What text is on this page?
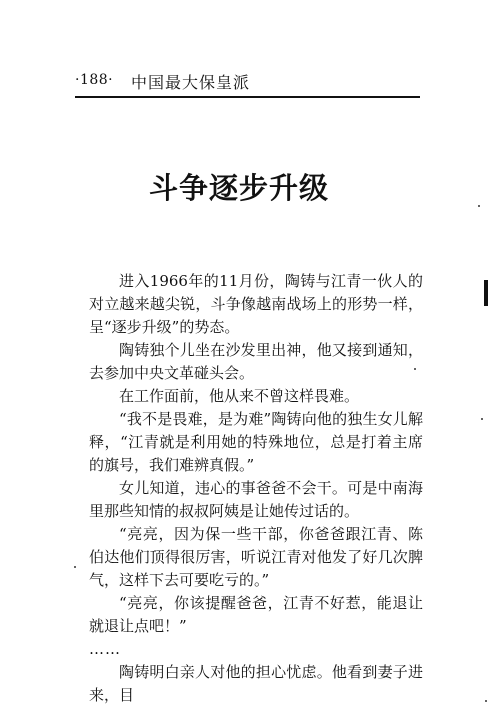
·188· 中国最大保皇派
斗争逐步升级

进入1966年的11月份，陶铸与江青一伙人的对立越来越尖锐，斗争像越南战场上的形势一样，呈“逐步升级”的势态。

陶铸独个儿坐在沙发里出神，他又接到通知，去参加中央文革碰头会。

在工作面前，他从来不曾这样畏难。

“我不是畏难，是为难”陶铸向他的独生女儿解释，“江青就是利用她的特殊地位，总是打着主席的旗号，我们难辨真假。”

女儿知道，违心的事爸爸不会干。可是中南海里那些知情的叔叔阿姨是让她传过话的。

“亮亮，因为保一些干部，你爸爸跟江青、陈伯达他们顶得很厉害，听说江青对他发了好几次脾气，这样下去可要吃亏的。”

“亮亮，你该提醒爸爸，江青不好惹，能退让就退让点吧！”

……

陶铸明白亲人对他的担心忧虑。他看到妻子进来，目
